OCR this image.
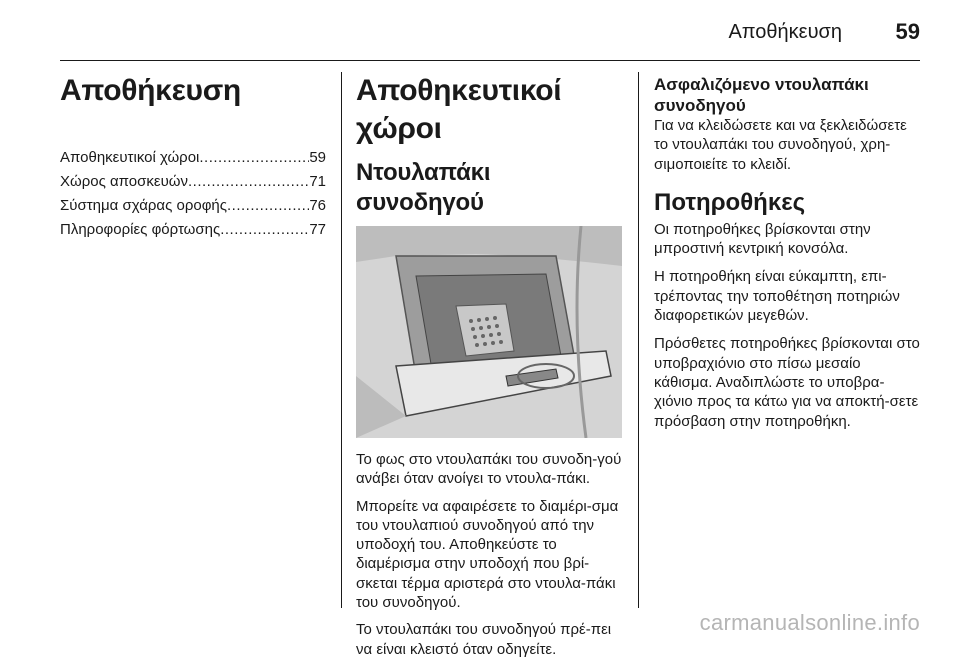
Αποθήκευση 59
Αποθήκευση
Αποθηκευτικοί χώροι .....	59
Χώρος αποσκευών .....	71
Σύστημα σχάρας οροφής .....	76
Πληροφορίες φόρτωσης .....	77
Αποθηκευτικοί χώροι
Ντουλαπάκι συνοδηγού

Το φως στο ντουλαπάκι του συνοδη-γού ανάβει όταν ανοίγει το ντουλα-πάκι.

Μπορείτε να αφαιρέσετε το διαμέρι-σμα του ντουλαπιού συνοδηγού από την υποδοχή του. Αποθηκεύστε το διαμέρισμα στην υποδοχή που βρί-σκεται τέρμα αριστερά στο ντουλα-πάκι του συνοδηγού.

Το ντουλαπάκι του συνοδηγού πρέ-πει να είναι κλειστό όταν οδηγείτε.

Ασφαλιζόμενο ντουλαπάκι συνοδηγού

Για να κλειδώσετε και να ξεκλειδώσετε το ντουλαπάκι του συνοδηγού, χρη-σιμοποιείτε το κλειδί.

Ποτηροθήκες

Οι ποτηροθήκες βρίσκονται στην μπροστινή κεντρική κονσόλα.

Η ποτηροθήκη είναι εύκαμπτη, επι-τρέποντας την τοποθέτηση ποτηριών διαφορετικών μεγεθών.

Πρόσθετες ποτηροθήκες βρίσκονται στο υποβραχιόνιο στο πίσω μεσαίο κάθισμα. Αναδιπλώστε το υποβρα-χιόνιο προς τα κάτω για να αποκτή-σετε πρόσβαση στην ποτηροθήκη.

carmanualsonline.info
